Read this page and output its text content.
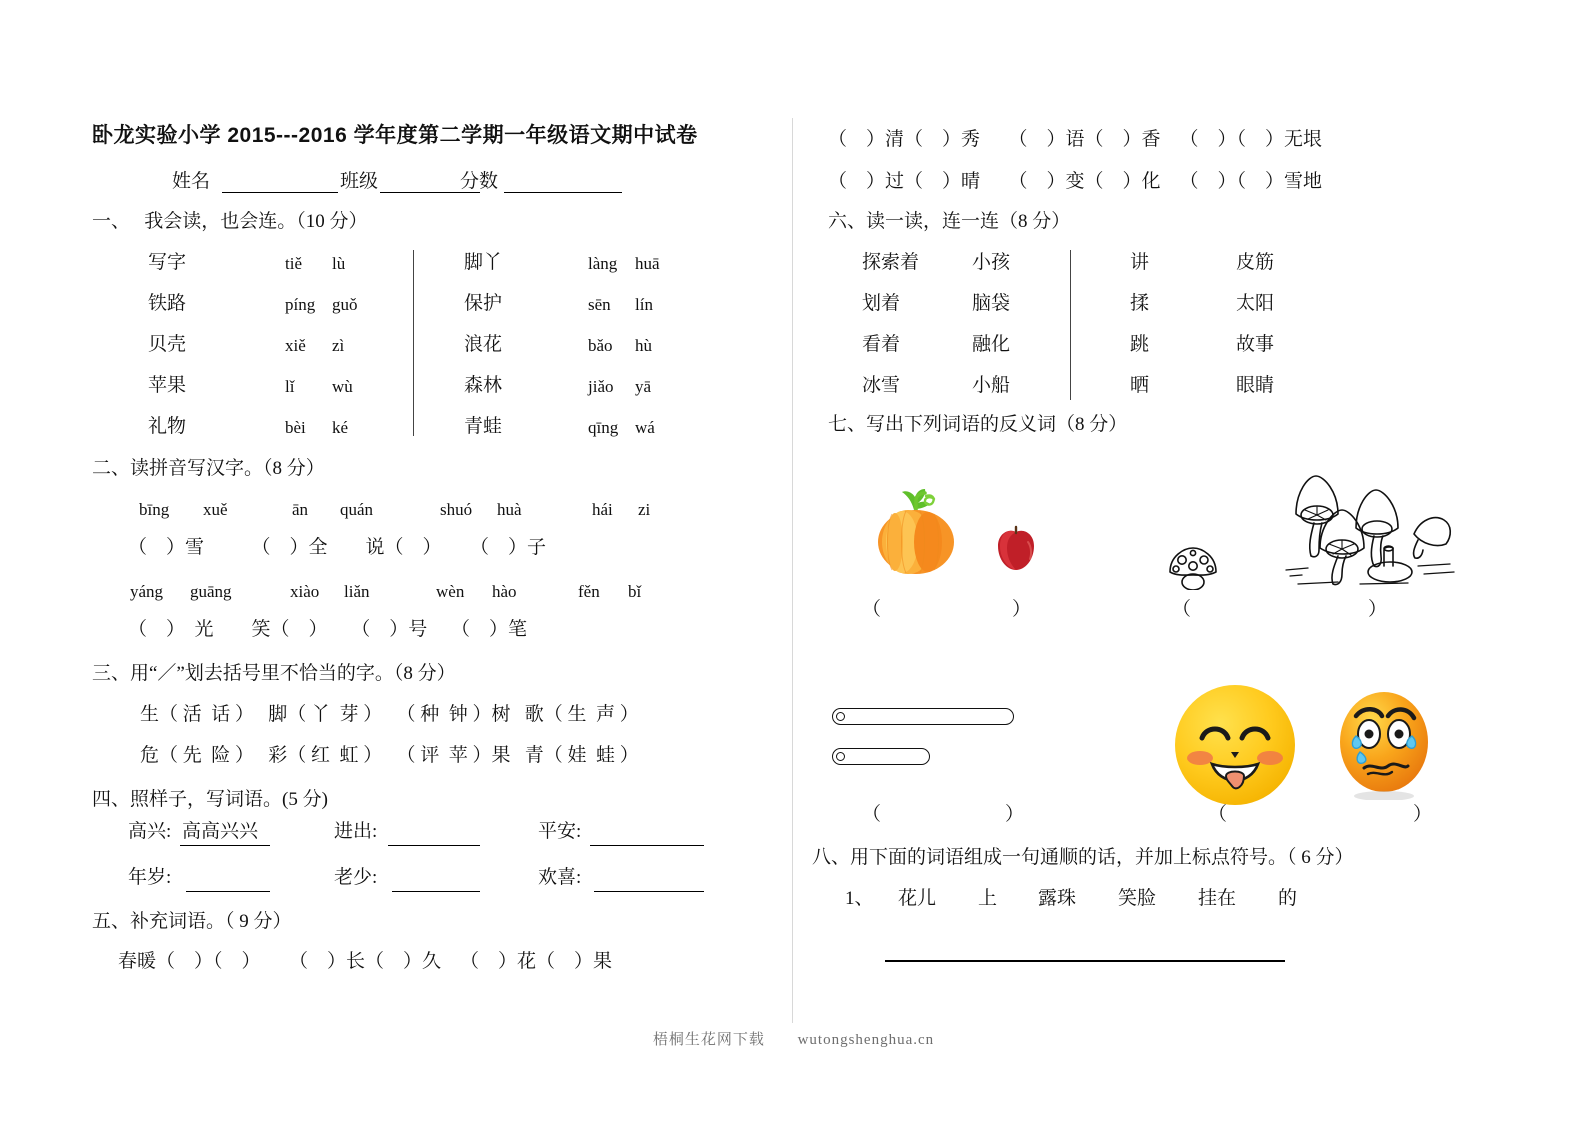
卧龙实验小学 2015---2016 学年度第二学期一年级语文期中试卷
姓名	班级	分数
一、   我会读，也会连。（10 分）
写字	tiě lù
铁路	píng guǒ
贝壳	xiě zì
苹果	lǐ wù
礼物	bèi ké
脚丫	làng huā
保护	sēn lín
浪花	bǎo hù
森林	jiǎo yā
青蛙	qīng wá
二、读拼音写汉字。（8 分）
bīng xuě	ān quán	shuó huà	hái zi
（    ）雪          （    ）全        说（    ）      （    ）子
yáng guāng	xiào liǎn	wèn hào	fěn bǐ
（    ）  光        笑（    ）     （    ）号     （    ）笔
三、用“／”划去括号里不恰当的字。（8 分）
生（ 活  话 ）   脚（ 丫  芽 ）   （ 种  钟 ）树   歌（ 生  声 ）
危（ 先  险 ）   彩（ 红  虹 ）   （ 评  苹 ）果   青（ 娃  蛙 ）
四、照样子，写词语。(5 分)
高兴: 高高兴兴	进出:	平安:
年岁:	老少:	欢喜:
五、补充词语。（ 9 分）
春暖（    ）（    ）      （    ）长（    ）久    （    ）花（    ）果
（    ）清（    ）秀      （    ）语（    ）香    （    ）（    ）无垠
（    ）过（    ）晴      （    ）变（    ）化    （    ）（    ）雪地
六、读一读，连一连（8 分）
探索着	小孩
划着	脑袋
看着	融化
冰雪	小船
讲	皮筋
揉	太阳
跳	故事
晒	眼睛
七、写出下列词语的反义词（8 分）
（	）	（	）
（	）	（	）
八、用下面的词语组成一句通顺的话，并加上标点符号。（ 6 分）
1、 花儿 上 露珠 笑脸 挂在 的
梧桐生花网下载 wutongshenghua.cn
